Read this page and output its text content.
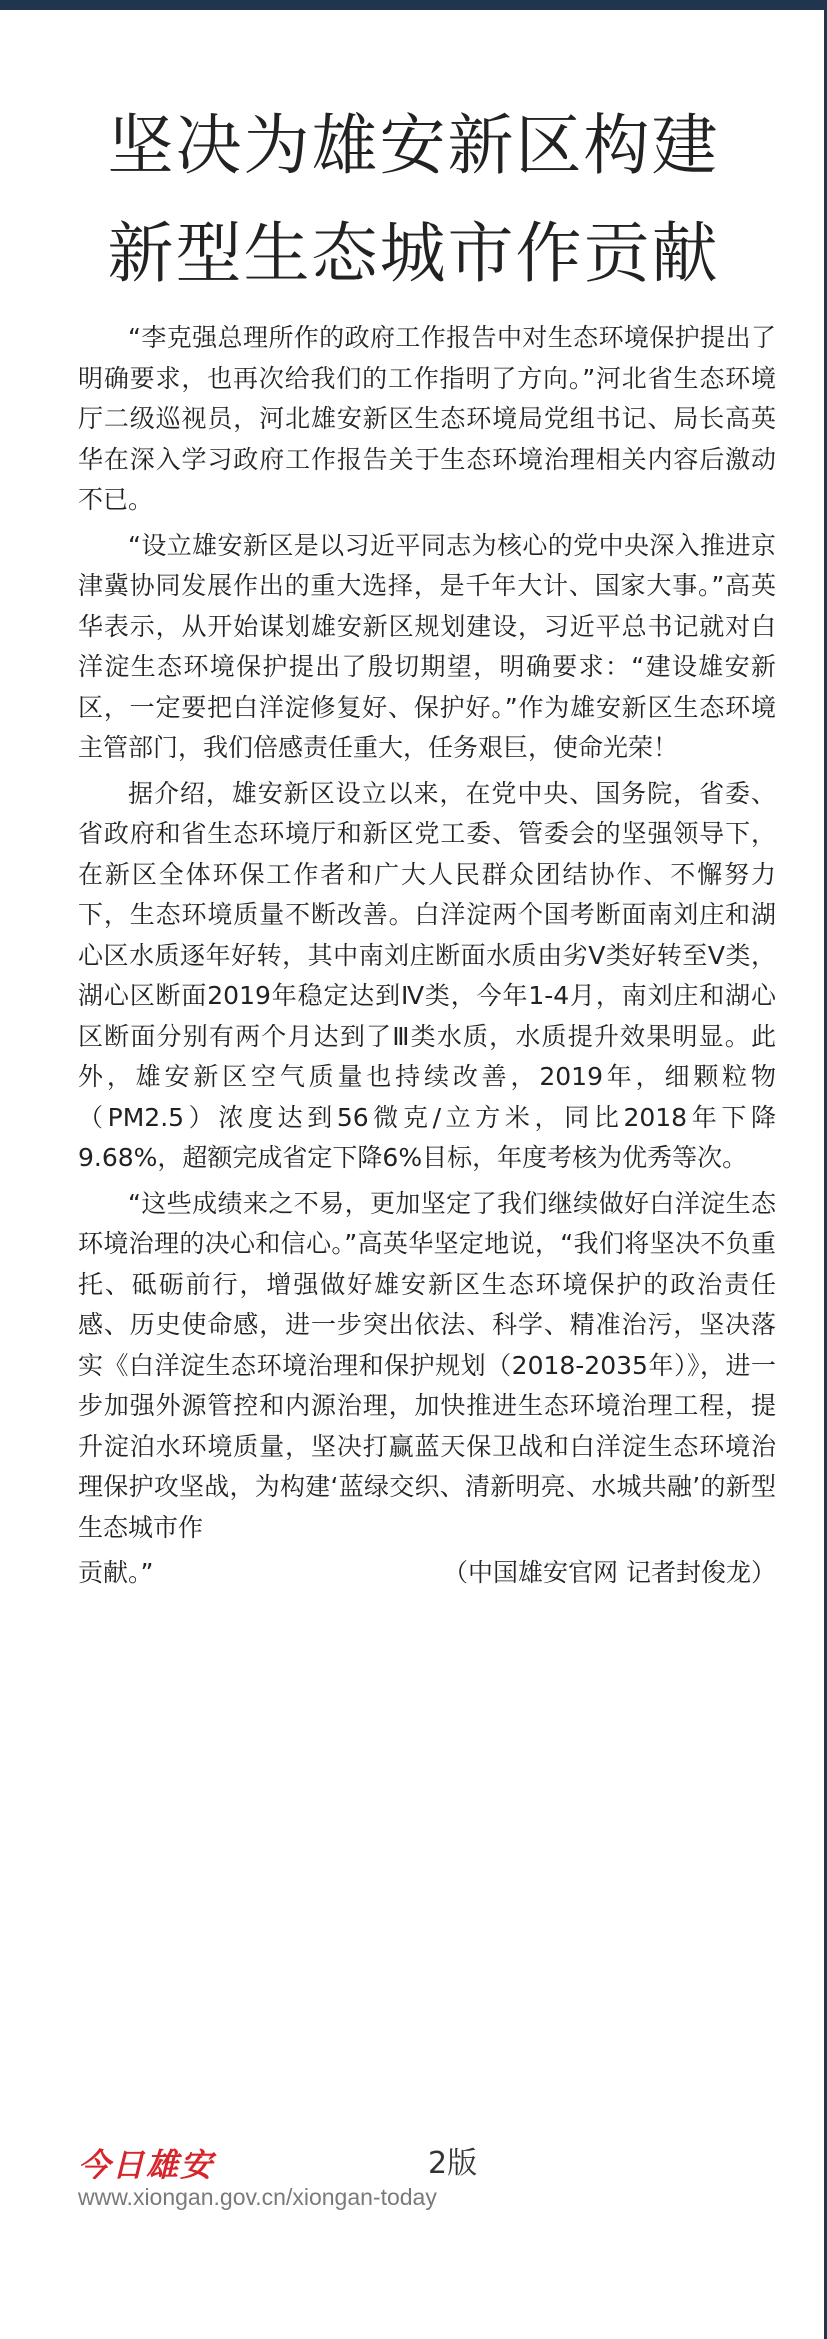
坚决为雄安新区构建
新型生态城市作贡献

“李克强总理所作的政府工作报告中对生态环境保护提出了明确要求，也再次给我们的工作指明了方向。”河北省生态环境厅二级巡视员，河北雄安新区生态环境局党组书记、局长高英华在深入学习政府工作报告关于生态环境治理相关内容后激动不已。

“设立雄安新区是以习近平同志为核心的党中央深入推进京津冀协同发展作出的重大选择，是千年大计、国家大事。”高英华表示，从开始谋划雄安新区规划建设，习近平总书记就对白洋淀生态环境保护提出了殷切期望，明确要求：“建设雄安新区，一定要把白洋淀修复好、保护好。”作为雄安新区生态环境主管部门，我们倍感责任重大，任务艰巨，使命光荣！

据介绍，雄安新区设立以来，在党中央、国务院，省委、省政府和省生态环境厅和新区党工委、管委会的坚强领导下，在新区全体环保工作者和广大人民群众团结协作、不懈努力下，生态环境质量不断改善。白洋淀两个国考断面南刘庄和湖心区水质逐年好转，其中南刘庄断面水质由劣Ⅴ类好转至Ⅴ类，湖心区断面2019年稳定达到Ⅳ类，今年1-4月，南刘庄和湖心区断面分别有两个月达到了Ⅲ类水质，水质提升效果明显。此外，雄安新区空气质量也持续改善，2019年，细颗粒物（PM2.5）浓度达到56微克/立方米，同比2018年下降9.68%，超额完成省定下降6%目标，年度考核为优秀等次。

“这些成绩来之不易，更加坚定了我们继续做好白洋淀生态环境治理的决心和信心。”高英华坚定地说，“我们将坚决不负重托、砥砺前行，增强做好雄安新区生态环境保护的政治责任感、历史使命感，进一步突出依法、科学、精准治污，坚决落实《白洋淀生态环境治理和保护规划（2018-2035年）》，进一步加强外源管控和内源治理，加快推进生态环境治理工程，提升淀泊水环境质量，坚决打赢蓝天保卫战和白洋淀生态环境治理保护攻坚战，为构建‘蓝绿交织、清新明亮、水城共融’的新型生态城市作

贡献。”	（中国雄安官网 记者封俊龙）
今日雄安	2版
www.xiongan.gov.cn/xiongan-today
